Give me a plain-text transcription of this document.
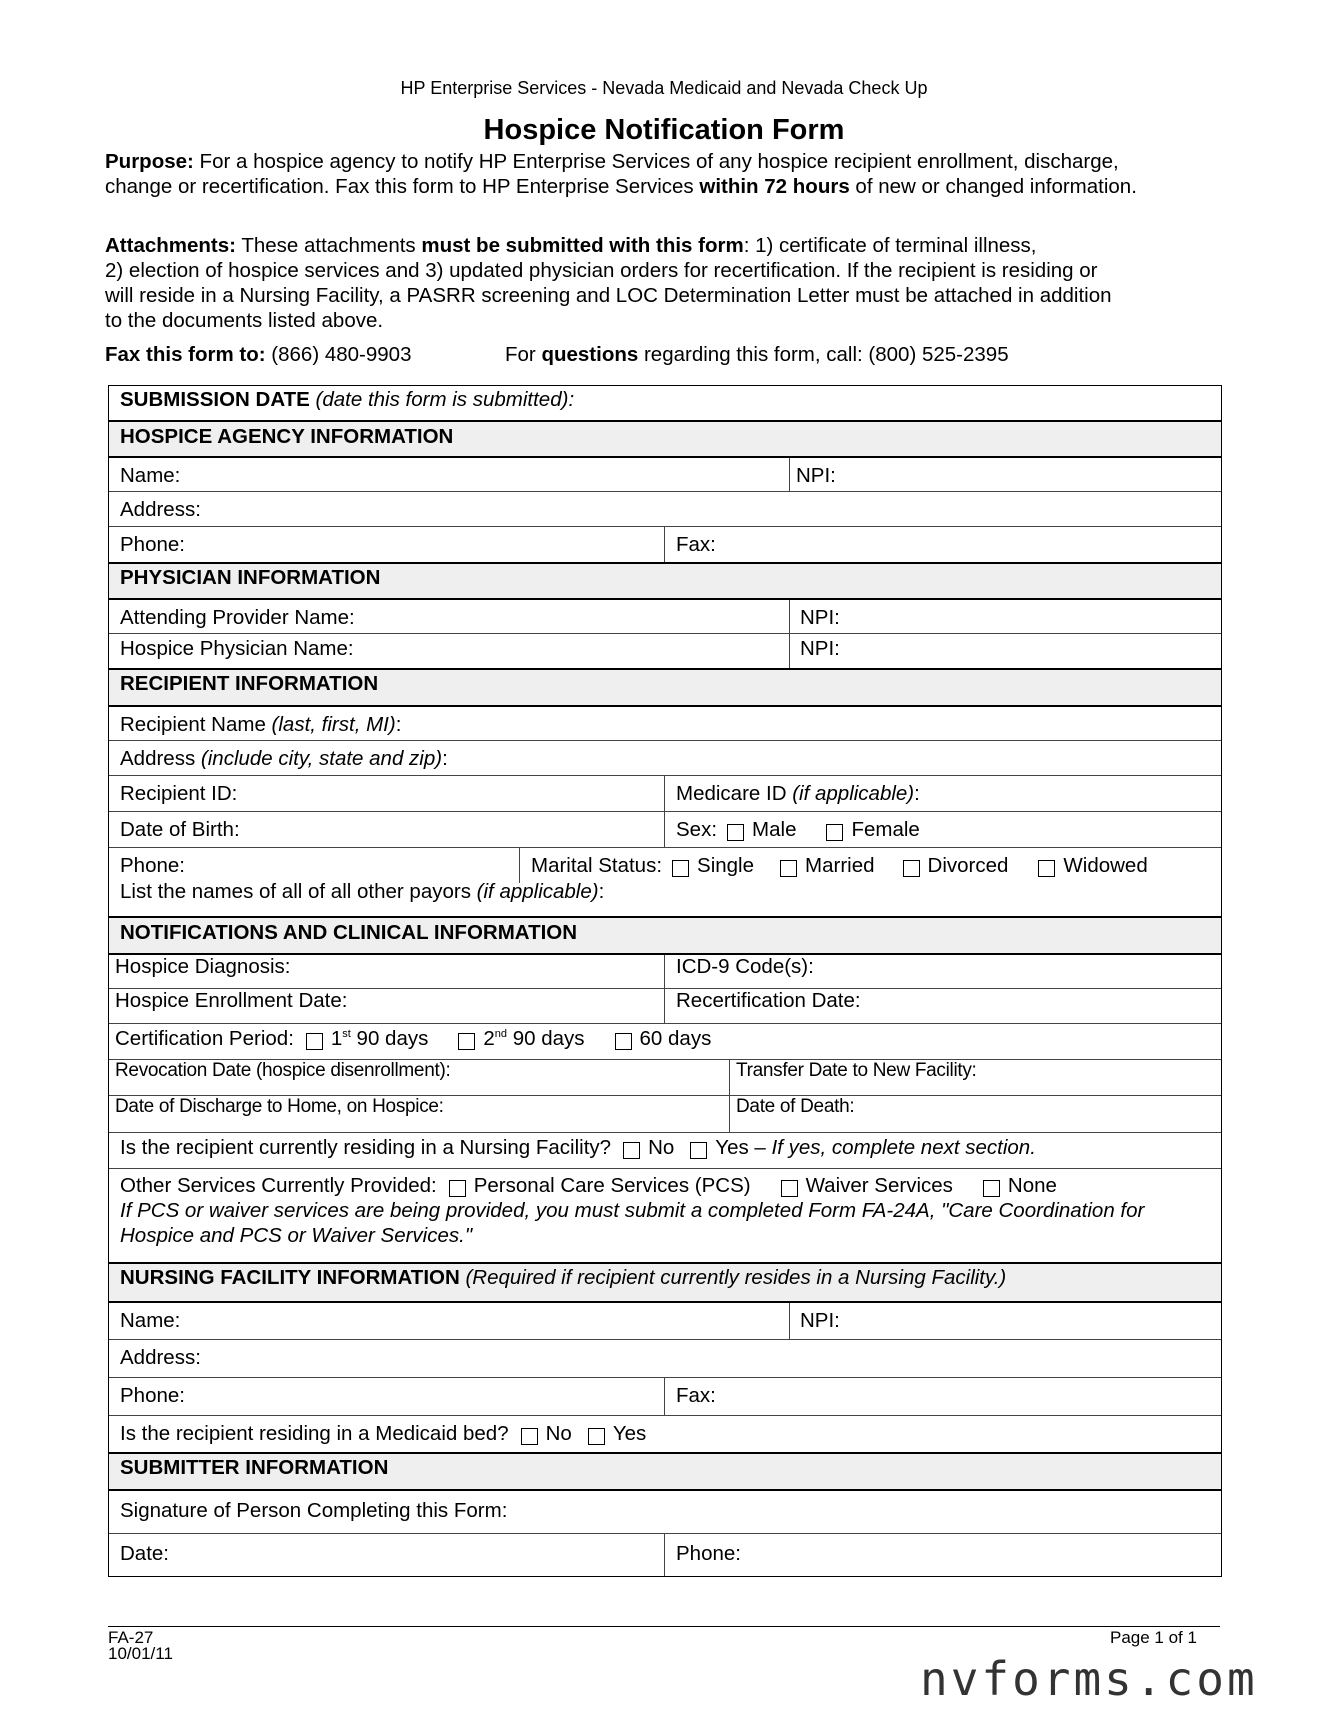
HP Enterprise Services - Nevada Medicaid and Nevada Check Up
Hospice Notification Form
Purpose: For a hospice agency to notify HP Enterprise Services of any hospice recipient enrollment, discharge,
change or recertification. Fax this form to HP Enterprise Services within 72 hours of new or changed information.
Attachments: These attachments must be submitted with this form: 1) certificate of terminal illness,
2) election of hospice services and 3) updated physician orders for recertification. If the recipient is residing or
will reside in a Nursing Facility, a PASRR screening and LOC Determination Letter must be attached in addition
to the documents listed above.
Fax this form to: (866) 480-9903	For questions regarding this form, call: (800) 525-2395
SUBMISSION DATE (date this form is submitted):
HOSPICE AGENCY INFORMATION
Name:	NPI:
Address:
Phone:	Fax:
PHYSICIAN INFORMATION
Attending Provider Name:	NPI:
Hospice Physician Name:	NPI:
RECIPIENT INFORMATION
Recipient Name (last, first, MI):
Address (include city, state and zip):
Recipient ID:	Medicare ID (if applicable):
Date of Birth:	Sex: Male	Female
Phone:	Marital Status: Single Married	Divorced	Widowed
List the names of all of all other payors (if applicable):
NOTIFICATIONS AND CLINICAL INFORMATION
Hospice Diagnosis:	ICD-9 Code(s):
Hospice Enrollment Date:	Recertification Date:
Certification Period: 1st 90 days	2nd 90 days	60 days
Revocation Date (hospice disenrollment):	Transfer Date to New Facility:
Date of Discharge to Home, on Hospice:	Date of Death:
Is the recipient currently residing in a Nursing Facility? No Yes – If yes, complete next section.
Other Services Currently Provided: Personal Care Services (PCS)	Waiver Services	None
If PCS or waiver services are being provided, you must submit a completed Form FA-24A, "Care Coordination for Hospice and PCS or Waiver Services."
NURSING FACILITY INFORMATION (Required if recipient currently resides in a Nursing Facility.)
Name:	NPI:
Address:
Phone:	Fax:
Is the recipient residing in a Medicaid bed? No Yes
SUBMITTER INFORMATION
Signature of Person Completing this Form:
Date:	Phone:
FA-27
10/01/11
Page 1 of 1
nvforms.com
